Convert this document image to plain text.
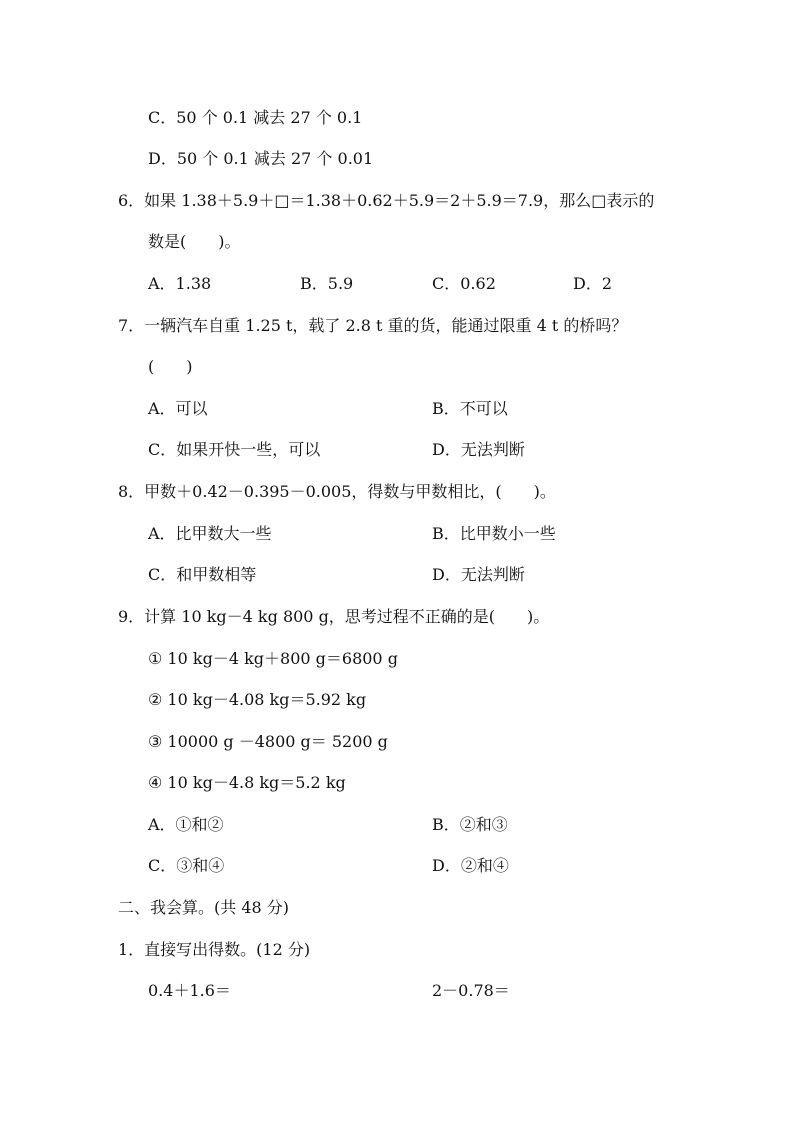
C．50 个 0.1 减去 27 个 0.1
D．50 个 0.1 减去 27 个 0.01
6．如果 1.38＋5.9＋□＝1.38＋0.62＋5.9＝2＋5.9＝7.9，那么□表示的
数是(　　)。
A．1.38	B．5.9	C．0.62	D．2
7．一辆汽车自重 1.25 t，载了 2.8 t 重的货，能通过限重 4 t 的桥吗？
(　　)
A．可以	B．不可以
C．如果开快一些，可以	D．无法判断
8．甲数＋0.42－0.395－0.005，得数与甲数相比，(　　)。
A．比甲数大一些	B．比甲数小一些
C．和甲数相等	D．无法判断
9．计算 10 kg－4 kg 800 g，思考过程不正确的是(　　)。
① 10 kg－4 kg＋800 g＝6800 g
② 10 kg－4.08 kg＝5.92 kg
③ 10000 g －4800 g＝ 5200 g
④ 10 kg－4.8 kg＝5.2 kg
A．①和②	B．②和③
C．③和④	D．②和④
二、我会算。(共 48 分)
1．直接写出得数。(12 分)
0.4＋1.6＝	2－0.78＝
